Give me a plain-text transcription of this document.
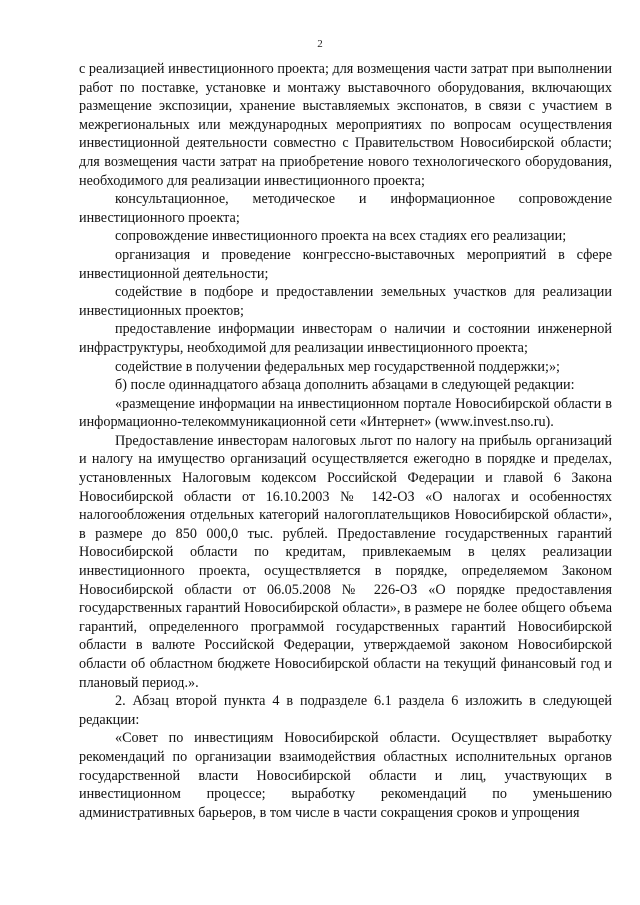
2

с реализацией инвестиционного проекта; для возмещения части затрат при выполнении работ по поставке, установке и монтажу выставочного оборудования, включающих размещение экспозиции, хранение выставляемых экспонатов, в связи с участием в межрегиональных или международных мероприятиях по вопросам осуществления инвестиционной деятельности совместно с Правительством Новосибирской области; для возмещения части затрат на приобретение нового технологического оборудования, необходимого для реализации инвестиционного проекта;

консультационное, методическое и информационное сопровождение инвестиционного проекта;

сопровождение инвестиционного проекта на всех стадиях его реализации;

организация и проведение конгрессно-выставочных мероприятий в сфере инвестиционной деятельности;

содействие в подборе и предоставлении земельных участков для реализации инвестиционных проектов;

предоставление информации инвесторам о наличии и состоянии инженерной инфраструктуры, необходимой для реализации инвестиционного проекта;

содействие в получении федеральных мер государственной поддержки;»;

б) после одиннадцатого абзаца дополнить абзацами в следующей редакции:

«размещение информации на инвестиционном портале Новосибирской области в информационно-телекоммуникационной сети «Интернет» (www.invest.nso.ru).

Предоставление инвесторам налоговых льгот по налогу на прибыль организаций и налогу на имущество организаций осуществляется ежегодно в порядке и пределах, установленных Налоговым кодексом Российской Федерации и главой 6 Закона Новосибирской области от 16.10.2003 № 142-ОЗ «О налогах и особенностях налогообложения отдельных категорий налогоплательщиков Новосибирской области», в размере до 850 000,0 тыс. рублей. Предоставление государственных гарантий Новосибирской области по кредитам, привлекаемым в целях реализации инвестиционного проекта, осуществляется в порядке, определяемом Законом Новосибирской области от 06.05.2008 № 226-ОЗ «О порядке предоставления государственных гарантий Новосибирской области», в размере не более общего объема гарантий, определенного программой государственных гарантий Новосибирской области в валюте Российской Федерации, утверждаемой законом Новосибирской области об областном бюджете Новосибирской области на текущий финансовый год и плановый период.».

2. Абзац второй пункта 4 в подразделе 6.1 раздела 6 изложить в следующей редакции:

«Совет по инвестициям Новосибирской области. Осуществляет выработку рекомендаций по организации взаимодействия областных исполнительных органов государственной власти Новосибирской области и лиц, участвующих в инвестиционном процессе; выработку рекомендаций по уменьшению административных барьеров, в том числе в части сокращения сроков и упрощения
